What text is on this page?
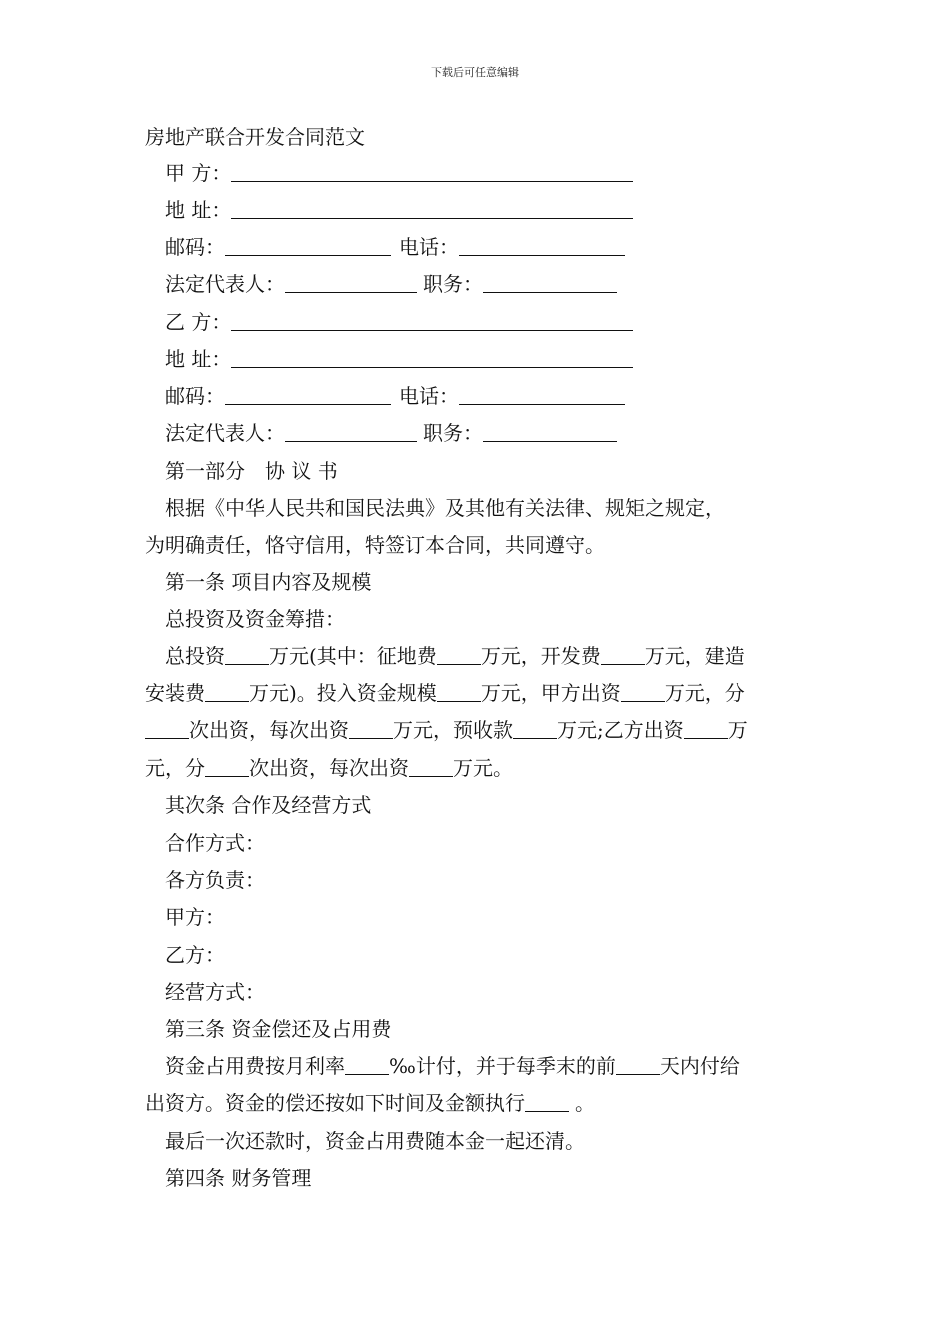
下载后可任意编辑
房地产联合开发合同范文
甲 方：
地 址：
邮码：	电话：
法定代表人：	职务：
乙 方：
地 址：
邮码：	电话：
法定代表人：	职务：
第一部分　协 议 书
根据《中华人民共和国民法典》及其他有关法律、规矩之规定，
为明确责任，恪守信用，特签订本合同，共同遵守。
第一条 项目内容及规模
总投资及资金筹措：
总投资 万元(其中：征地费 万元，开发费 万元，建造
安装费 万元)。投入资金规模 万元，甲方出资 万元，分
次出资，每次出资 万元，预收款 万元;乙方出资 万
元，分 次出资，每次出资 万元。
其次条 合作及经营方式
合作方式：
各方负责：
甲方：
乙方：
经营方式：
第三条 资金偿还及占用费
资金占用费按月利率 ‰计付，并于每季末的前 天内付给
出资方。资金的偿还按如下时间及金额执行	。
最后一次还款时，资金占用费随本金一起还清。
第四条 财务管理
